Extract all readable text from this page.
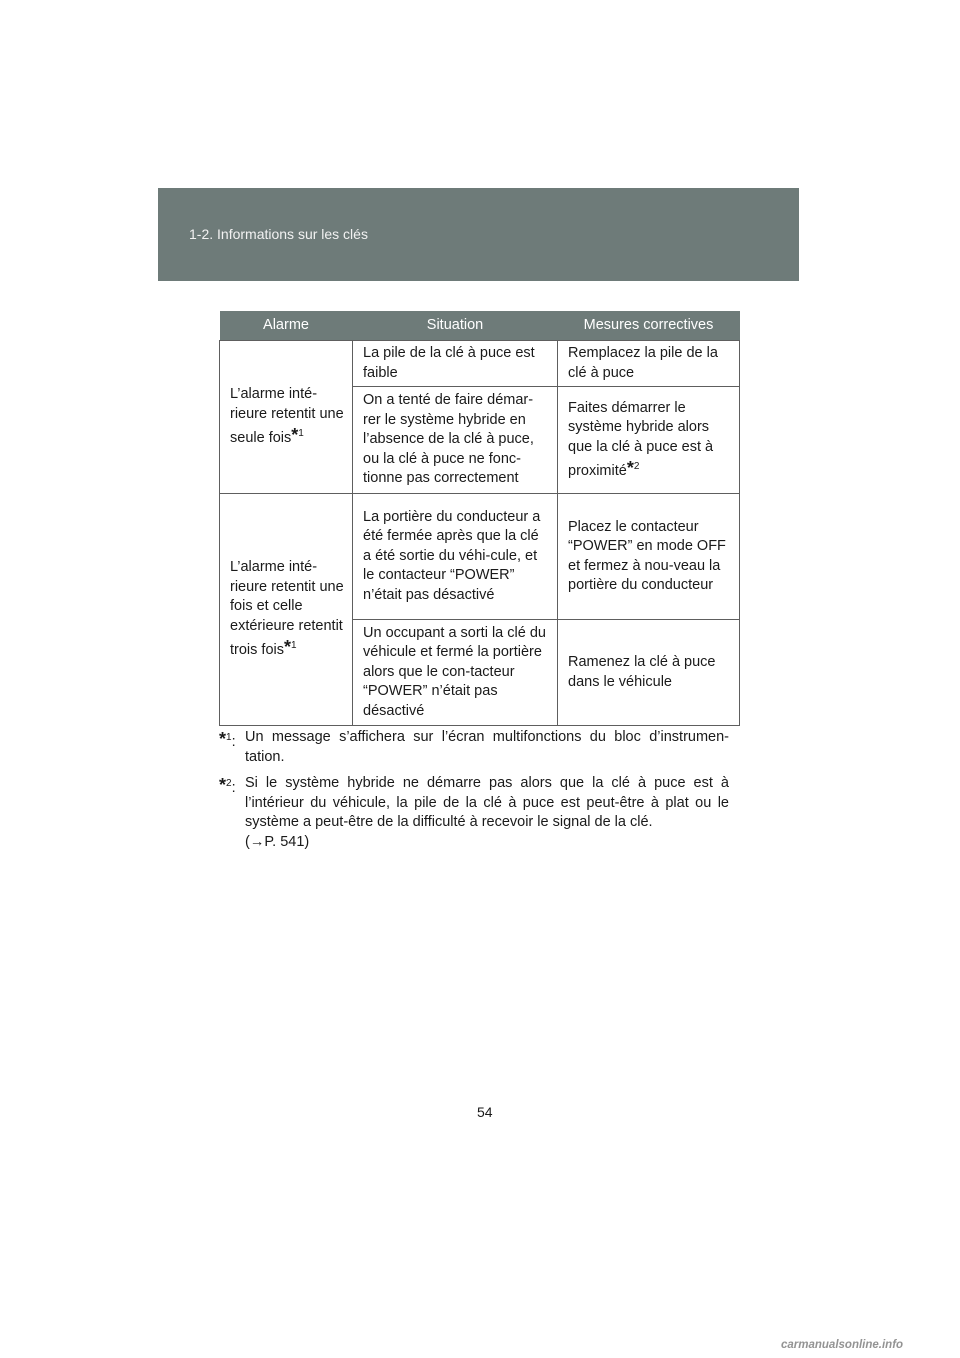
1-2. Informations sur les clés
Alarme	Situation	Mesures correctives
L’alarme inté-rieure retentit une seule fois*$^1$	La pile de la clé à puce est faible	Remplacez la pile de la clé à puce
	On a tenté de faire démar-rer le système hybride en l’absence de la clé à puce, ou la clé à puce ne fonc-tionne pas correctement	Faites démarrer le système hybride alors que la clé à puce est à proximité*$^2$
L’alarme inté-rieure retentit une fois et celle extérieure retentit trois fois*$^1$	La portière du conducteur a été fermée après que la clé a été sortie du véhi-cule, et le contacteur “POWER” n’était pas désactivé	Placez le contacteur “POWER” en mode OFF et fermez à nou-veau la portière du conducteur
	Un occupant a sorti la clé du véhicule et fermé la portière alors que le con-tacteur “POWER” n’était pas désactivé	Ramenez la clé à puce dans le véhicule
*$^1$: Un message s’affichera sur l’écran multifonctions du bloc d’instrumen-tation.
*$^2$: Si le système hybride ne démarre pas alors que la clé à puce est à l’intérieur du véhicule, la pile de la clé à puce est peut-être à plat ou le système a peut-être de la difficulté à recevoir le signal de la clé.
(→P. 541)
54
carmanualsonline.info
